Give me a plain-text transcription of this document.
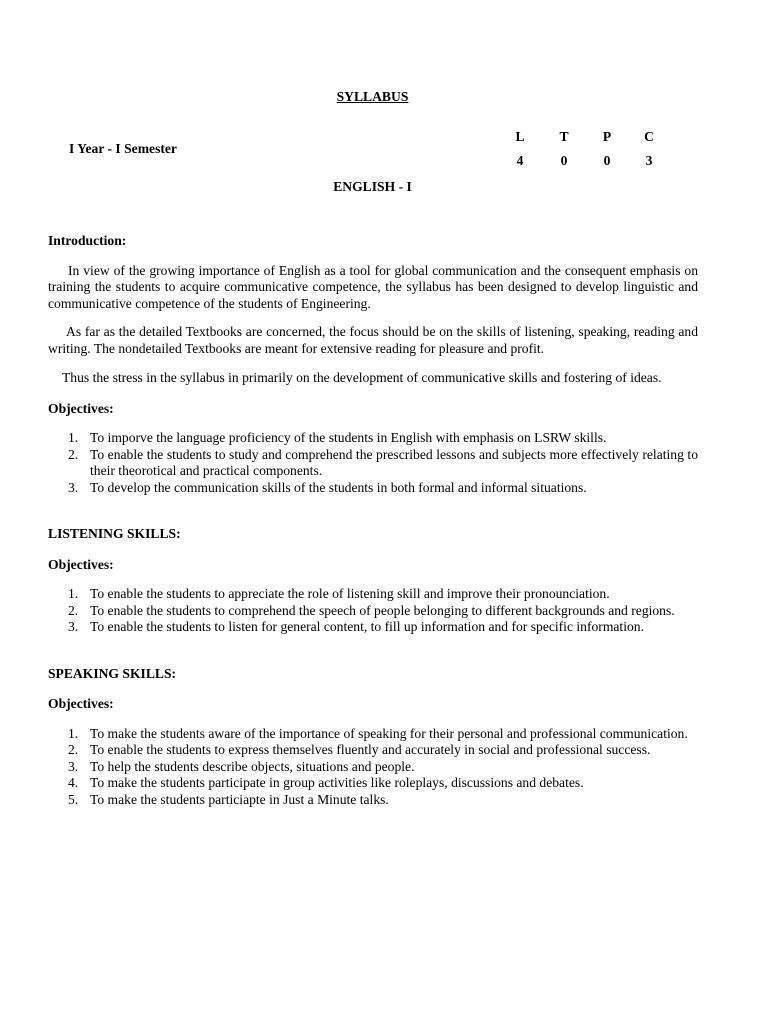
SYLLABUS
I Year - I Semester
L
4
T
0
P
0
C
3
ENGLISH - I
Introduction:

In view of the growing importance of English as a tool for global communication and the consequent emphasis on training the students to acquire communicative competence, the syllabus has been designed to develop linguistic and communicative competence of the students of Engineering.

As far as the detailed Textbooks are concerned, the focus should be on the skills of listening, speaking, reading and writing. The nondetailed Textbooks are meant for extensive reading for pleasure and profit.

Thus the stress in the syllabus in primarily on the development of communicative skills and fostering of ideas.

Objectives:
1. To imporve the language proficiency of the students in English with emphasis on LSRW skills.
2. To enable the students to study and comprehend the prescribed lessons and subjects more effectively relating to their theorotical and practical components.
3. To develop the communication skills of the students in both formal and informal situations.
LISTENING SKILLS:
Objectives:
1. To enable the students to appreciate the role of listening skill and improve their pronounciation.
2. To enable the students to comprehend the speech of people belonging to different backgrounds and regions.
3. To enable the students to listen for general content, to fill up information and for specific information.
SPEAKING SKILLS:
Objectives:
1. To make the students aware of the importance of speaking for their personal and professional communication.
2. To enable the students to express themselves fluently and accurately in social and professional success.
3. To help the students describe objects, situations and people.
4. To make the students participate in group activities like roleplays, discussions and debates.
5. To make the students particiapte in Just a Minute talks.
